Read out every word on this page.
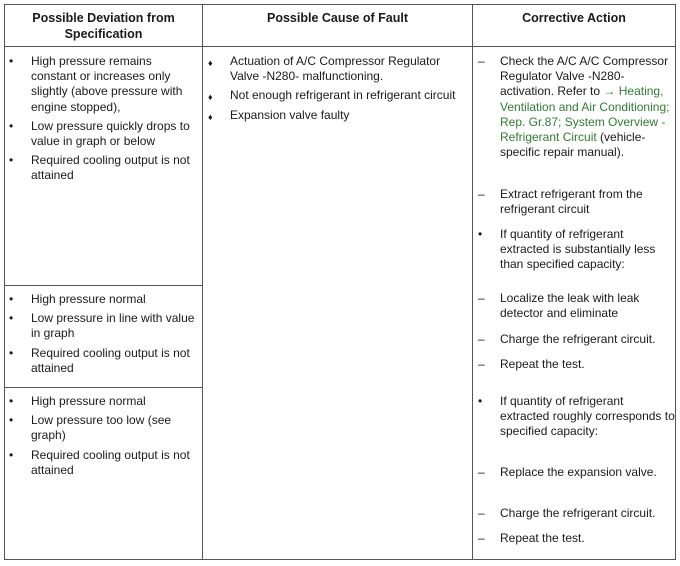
Possible Deviation from Specification
Possible Cause of Fault	Corrective Action
• High pressure remains constant or increases only slightly (above pressure with engine stopped),
• Low pressure quickly drops to value in graph or below
• Required cooling output is not attained
• High pressure normal
• Low pressure in line with value in graph
• Required cooling output is not attained
• High pressure normal
• Low pressure too low (see graph)
• Required cooling output is not attained
♦ Actuation of A/C Compressor Regulator Valve -N280- malfunctioning.
♦ Not enough refrigerant in refrigerant circuit
♦ Expansion valve faulty
– Check the A/C A/C Compressor Regulator Valve -N280- activation. Refer to → Heating, Ventilation and Air Conditioning; Rep. Gr.87; System Overview - Refrigerant Circuit (vehicle-specific repair manual).
– Extract refrigerant from the refrigerant circuit
• If quantity of refrigerant extracted is substantially less than specified capacity:
– Localize the leak with leak detector and eliminate
– Charge the refrigerant circuit.
– Repeat the test.
• If quantity of refrigerant extracted roughly corresponds to specified capacity:
– Replace the expansion valve.
– Charge the refrigerant circuit.
– Repeat the test.
